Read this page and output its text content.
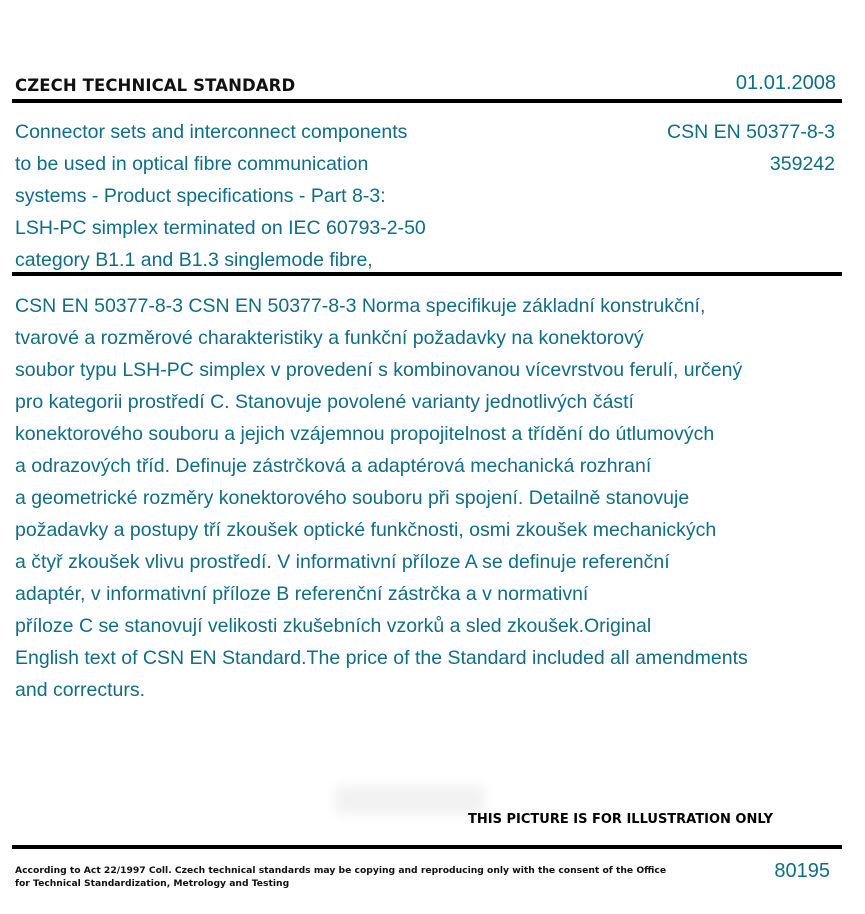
CZECH TECHNICAL STANDARD	01.01.2008
Connector sets and interconnect components
to be used in optical fibre communication
systems - Product specifications - Part 8-3:
LSH-PC simplex terminated on IEC 60793-2-50
category B1.1 and B1.3 singlemode fibre,
CSN EN 50377-8-3
359242
CSN EN 50377-8-3 CSN EN 50377-8-3 Norma specifikuje základní konstrukční,
tvarové a rozměrové charakteristiky a funkční požadavky na konektorový
soubor typu LSH-PC simplex v provedení s kombinovanou vícevrstvou ferulí, určený
pro kategorii prostředí C. Stanovuje povolené varianty jednotlivých částí
konektorového souboru a jejich vzájemnou propojitelnost a třídění do útlumových
a odrazových tříd. Definuje zástrčková a adaptérová mechanická rozhraní
a geometrické rozměry konektorového souboru při spojení. Detailně stanovuje
požadavky a postupy tří zkoušek optické funkčnosti, osmi zkoušek mechanických
a čtyř zkoušek vlivu prostředí. V informativní příloze A se definuje referenční
adaptér, v informativní příloze B referenční zástrčka a v normativní
příloze C se stanovují velikosti zkušebních vzorků a sled zkoušek.Original
English text of CSN EN Standard.The price of the Standard included all amendments
and correcturs.
THIS PICTURE IS FOR ILLUSTRATION ONLY
According to Act 22/1997 Coll. Czech technical standards may be copying and reproducing only with the consent of the Office
for Technical Standardization, Metrology and Testing
80195
